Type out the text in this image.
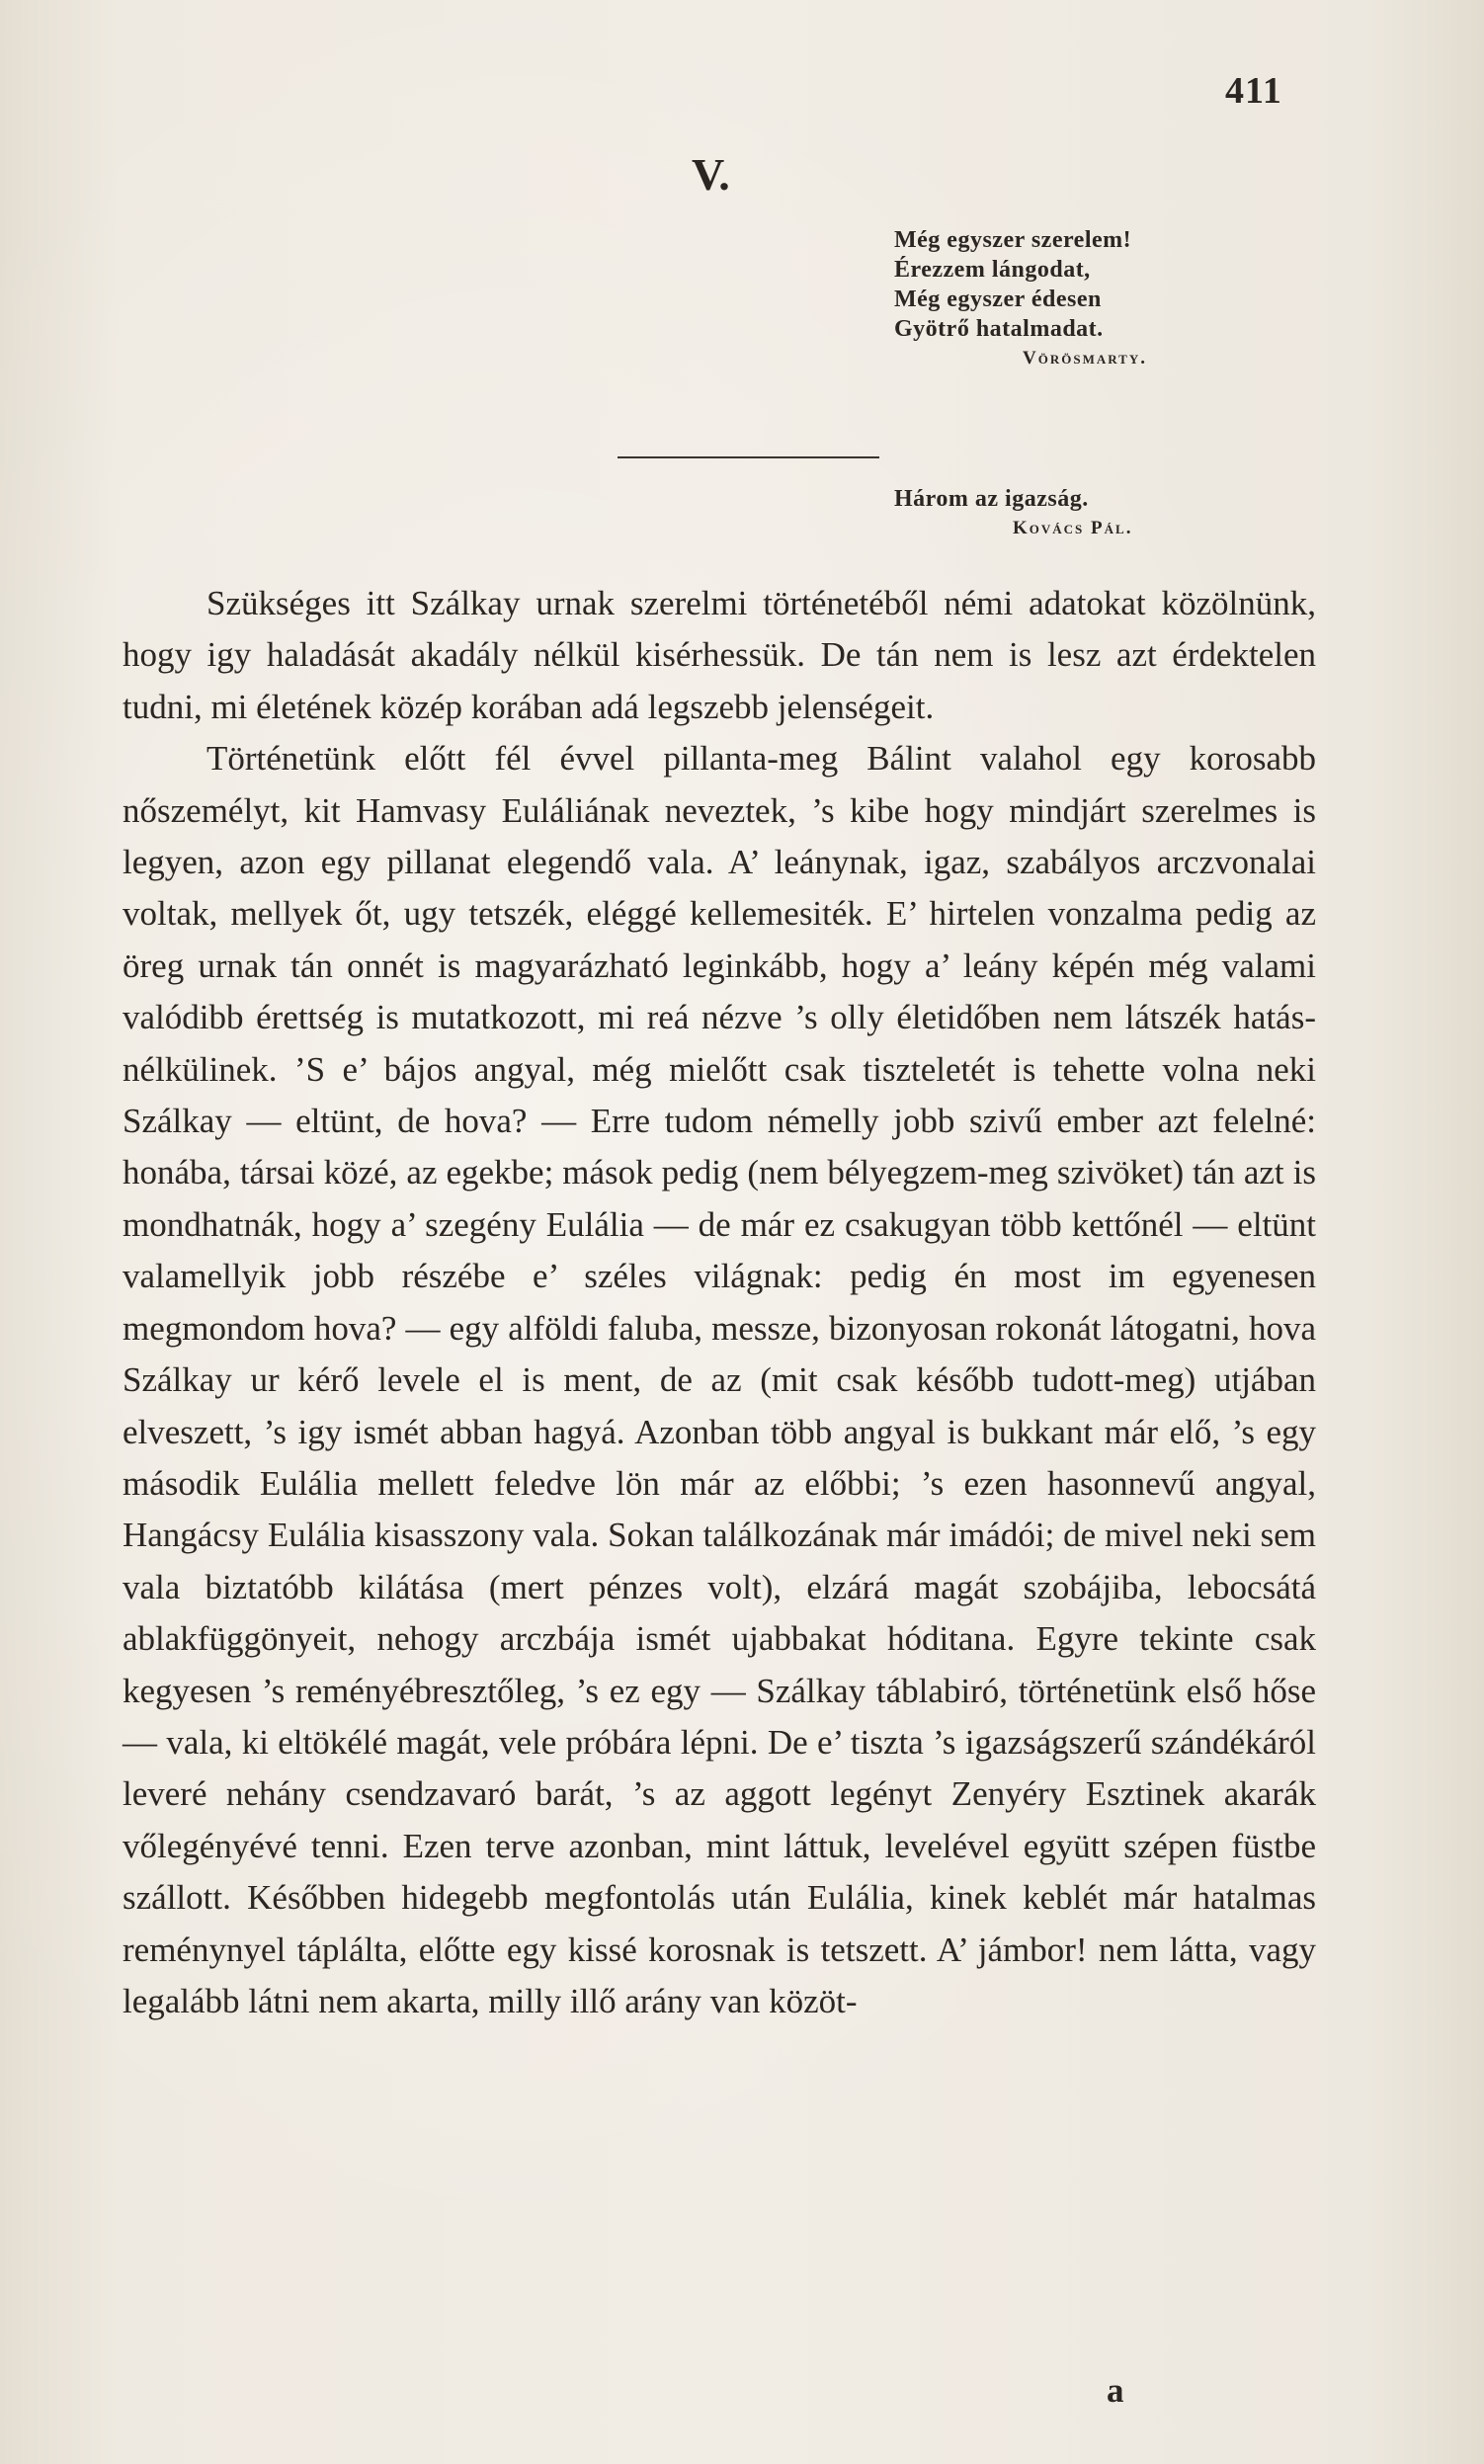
411
V.
Még egyszer szerelem!
Érezzem lángodat,
Még egyszer édesen
Gyötrő hatalmadat.
Vörösmarty.
Három az igazság.
Kovács Pál.

Szükséges itt Szálkay urnak szerelmi történetéből némi adatokat közölnünk, hogy igy haladását akadály nélkül kisérhessük. De tán nem is lesz azt érdektelen tudni, mi életének közép korában adá legszebb jelenségeit.

Történetünk előtt fél évvel pillanta-meg Bálint valahol egy korosabb nőszemélyt, kit Hamvasy Euláliának neveztek, ’s kibe hogy mindjárt szerelmes is legyen, azon egy pillanat elegendő vala. A’ leánynak, igaz, szabályos arczvonalai voltak, mellyek őt, ugy tetszék, eléggé kellemesiték. E’ hirtelen vonzalma pedig az öreg urnak tán onnét is magyarázható leginkább, hogy a’ leány képén még valami valódibb érettség is mutatkozott, mi reá nézve ’s olly életidőben nem látszék hatás-nélkülinek. ’S e’ bájos angyal, még mielőtt csak tiszteletét is tehette volna neki Szálkay — eltünt, de hova? — Erre tudom némelly jobb szivű ember azt felelné: honába, társai közé, az egekbe; mások pedig (nem bélyegzem-meg szivöket) tán azt is mondhatnák, hogy a’ szegény Eulália — de már ez csakugyan több kettőnél — eltünt valamellyik jobb részébe e’ széles világnak: pedig én most im egyenesen megmondom hova? — egy alföldi faluba, messze, bizonyosan rokonát látogatni, hova Szálkay ur kérő levele el is ment, de az (mit csak később tudott-meg) utjában elveszett, ’s igy ismét abban hagyá. Azonban több angyal is bukkant már elő, ’s egy második Eulália mellett feledve lön már az előbbi; ’s ezen hasonnevű angyal, Hangácsy Eulália kisasszony vala. Sokan találkozának már imádói; de mivel neki sem vala biztatóbb kilátása (mert pénzes volt), elzárá magát szobájiba, lebocsátá ablakfüggönyeit, nehogy arczbája ismét ujabbakat hóditana. Egyre tekinte csak kegyesen ’s reményébresztőleg, ’s ez egy — Szálkay táblabiró, történetünk első hőse — vala, ki eltökélé magát, vele próbára lépni. De e’ tiszta ’s igazságszerű szándékáról leveré nehány csendzavaró barát, ’s az aggott legényt Zenyéry Esztinek akarák vőlegényévé tenni. Ezen terve azonban, mint láttuk, levelével együtt szépen füstbe szállott. Későbben hidegebb megfontolás után Eulália, kinek keblét már hatalmas reménynyel táplálta, előtte egy kissé korosnak is tetszett. A’ jámbor! nem látta, vagy legalább látni nem akarta, milly illő arány van közöt-

a
